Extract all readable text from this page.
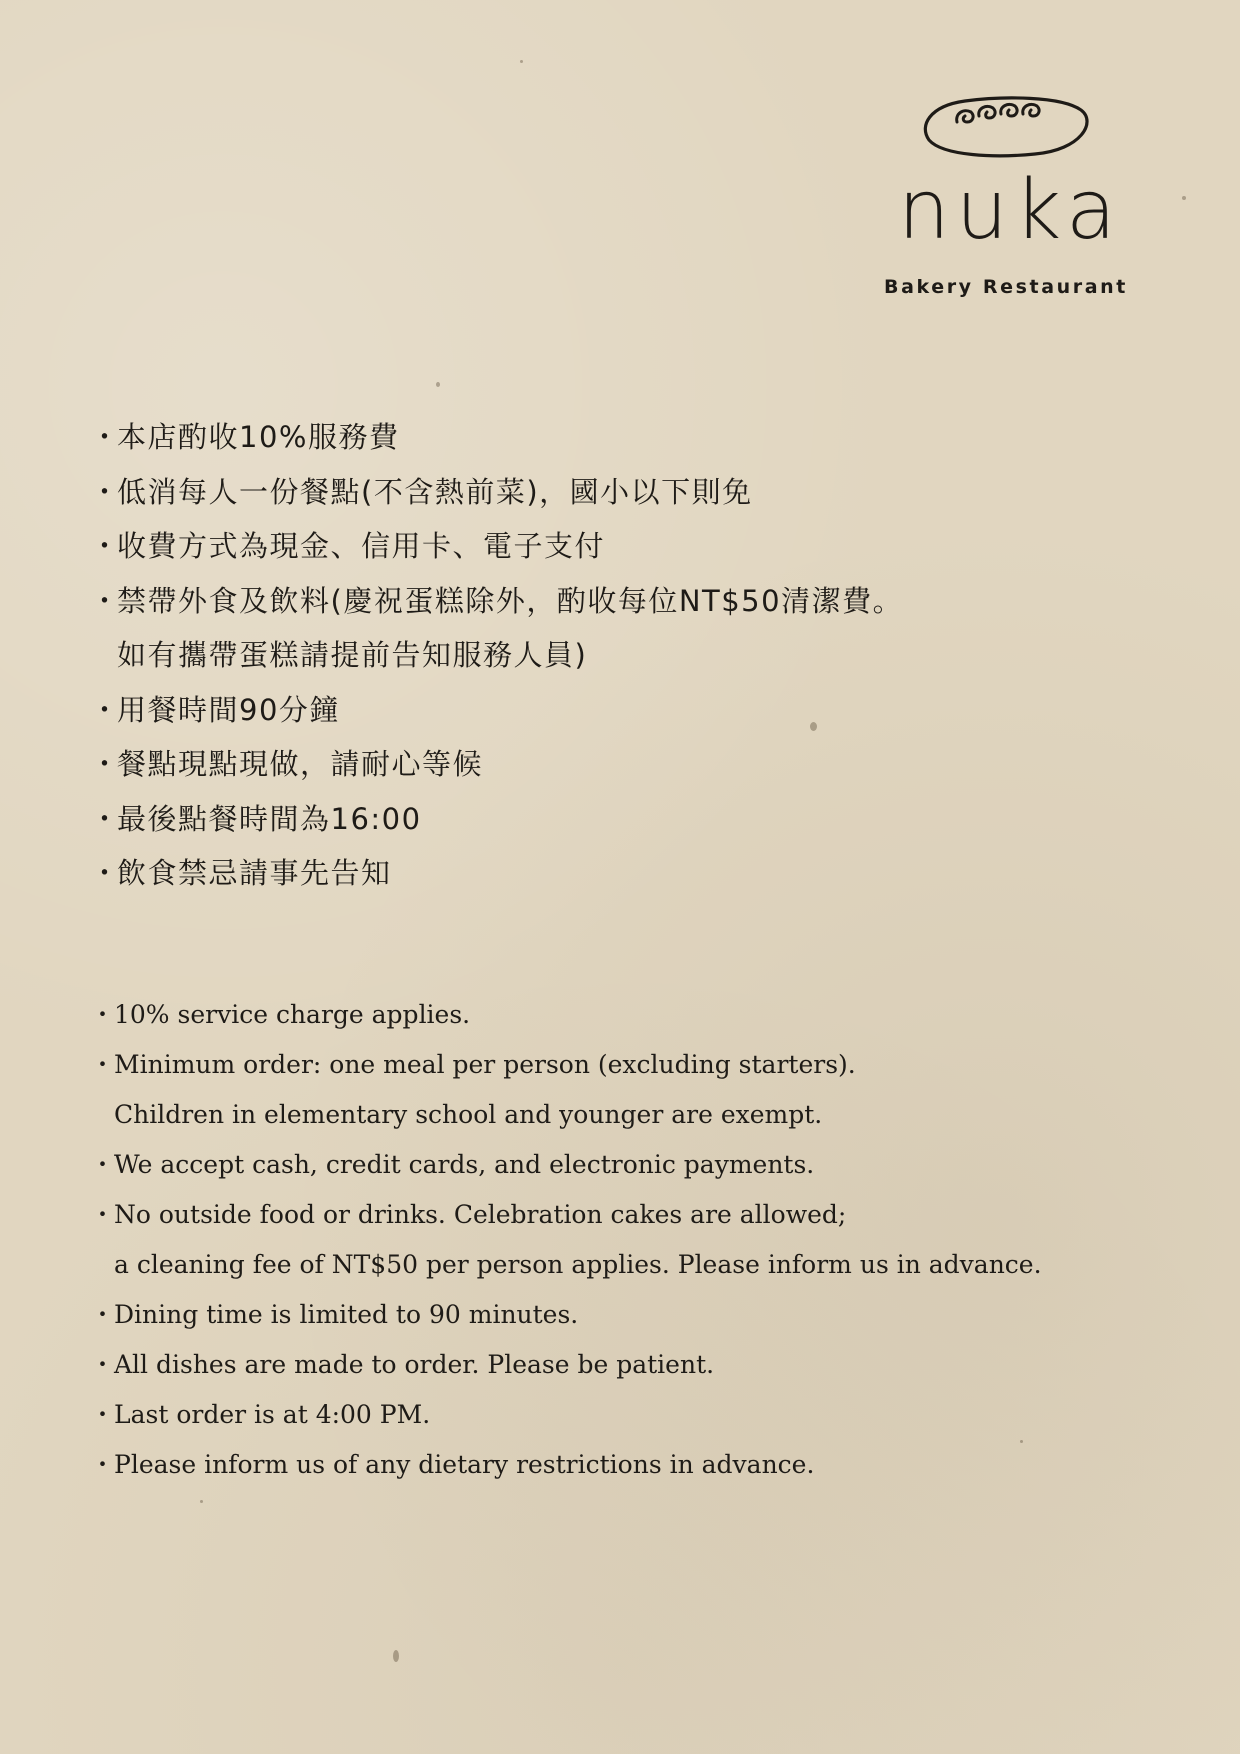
nuka
Bakery Restaurant
・
本店酌收10%服務費
・
低消每人一份餐點(不含熱前菜)，國小以下則免
・
收費方式為現金、信用卡、電子支付
・
禁帶外食及飲料(慶祝蛋糕除外，酌收每位NT$50清潔費。
如有攜帶蛋糕請提前告知服務人員)
・
用餐時間90分鐘
・
餐點現點現做，請耐心等候
・
最後點餐時間為16:00
・
飲食禁忌請事先告知
・
10% service charge applies.
・
Minimum order: one meal per person (excluding starters).
Children in elementary school and younger are exempt.
・
We accept cash, credit cards, and electronic payments.
・
No outside food or drinks. Celebration cakes are allowed;
a cleaning fee of NT$50 per person applies. Please inform us in advance.
・
Dining time is limited to 90 minutes.
・
All dishes are made to order. Please be patient.
・
Last order is at 4:00 PM.
・
Please inform us of any dietary restrictions in advance.
